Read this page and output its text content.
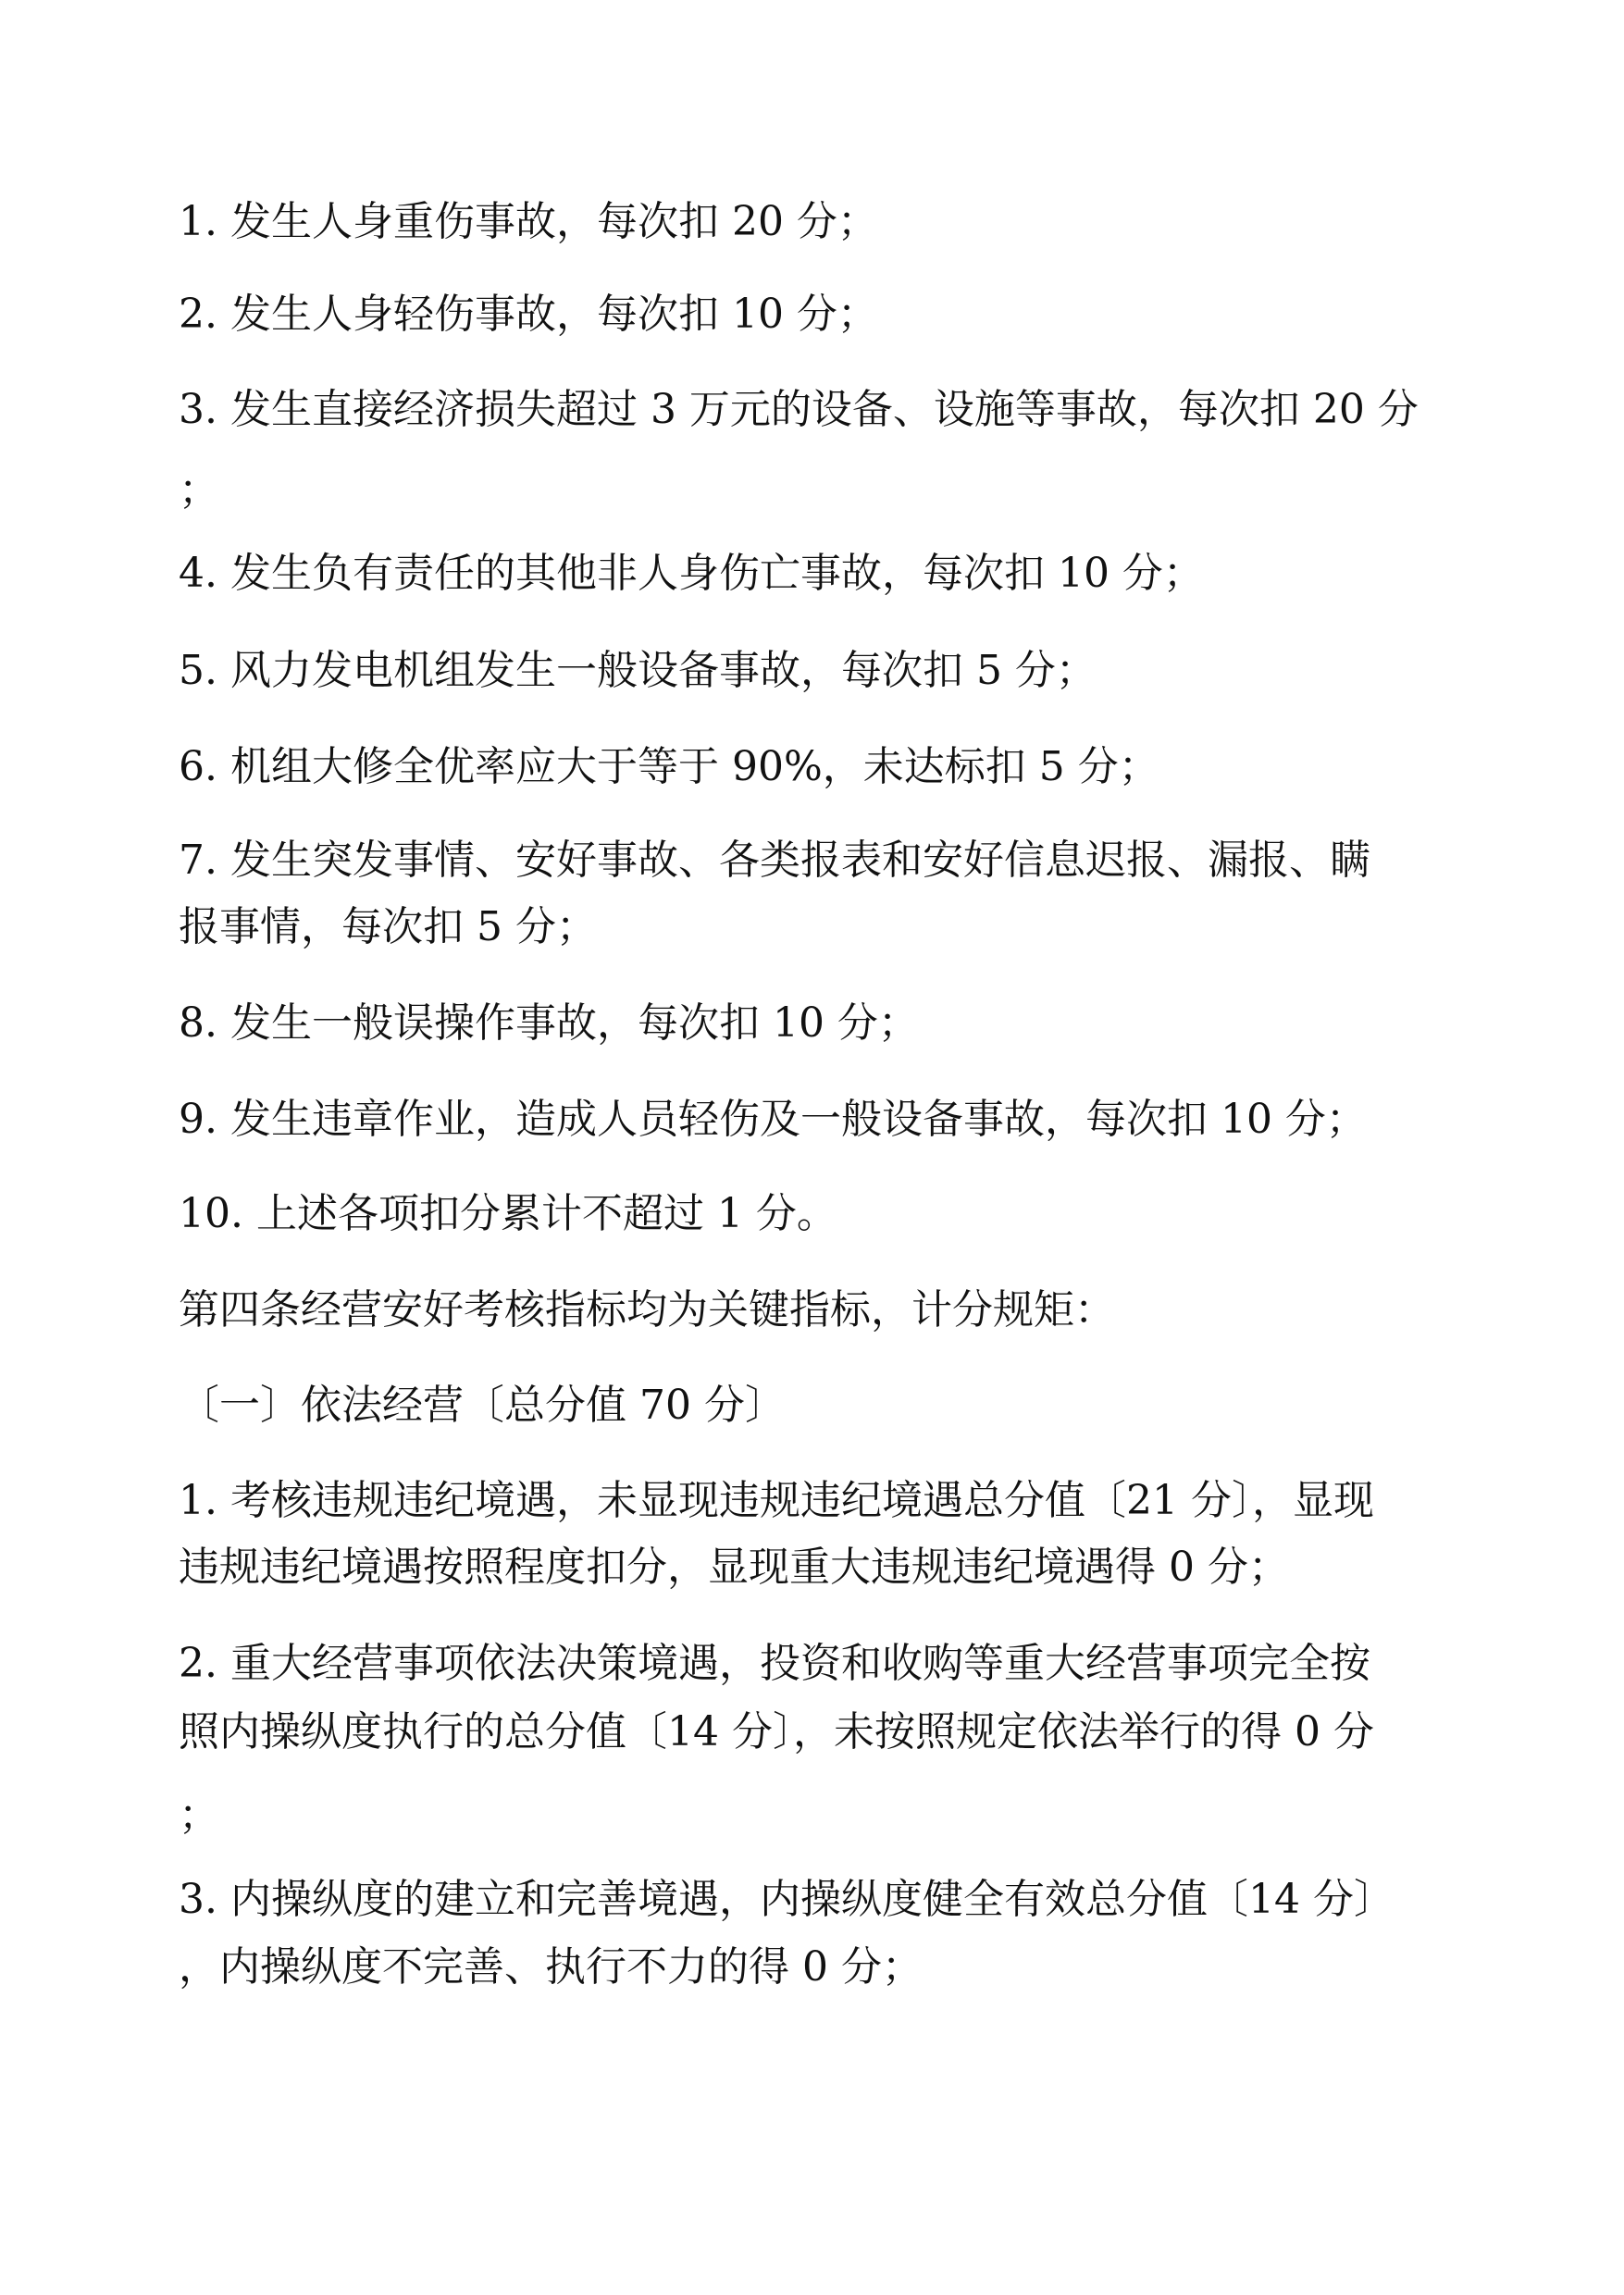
1. 发生人身重伤事故，每次扣 20 分；
2. 发生人身轻伤事故，每次扣 10 分；
3. 发生直接经济损失超过 3 万元的设备、设施等事故，每次扣 20 分
；
4. 发生负有责任的其他非人身伤亡事故，每次扣 10 分；
5. 风力发电机组发生一般设备事故，每次扣 5 分；
6. 机组大修全优率应大于等于 90%，未达标扣 5 分；
7. 发生突发事情、安好事故、各类报表和安好信息迟报、漏报、瞒
报事情，每次扣 5 分；
8. 发生一般误操作事故，每次扣 10 分；
9. 发生违章作业，造成人员轻伤及一般设备事故，每次扣 10 分；
10. 上述各项扣分累计不超过 1 分。
第四条经营安好考核指标均为关键指标，计分规矩：
〔一〕依法经营〔总分值 70 分〕
1. 考核违规违纪境遇，未显现违规违纪境遇总分值〔21 分〕，显现
违规违纪境遇按照程度扣分，显现重大违规违纪境遇得 0 分；
2. 重大经营事项依法决策境遇，投资和收购等重大经营事项完全按
照内操纵度执行的总分值〔14 分〕，未按照规定依法举行的得 0 分
；
3. 内操纵度的建立和完善境遇，内操纵度健全有效总分值〔14 分〕
，内操纵度不完善、执行不力的得 0 分；
